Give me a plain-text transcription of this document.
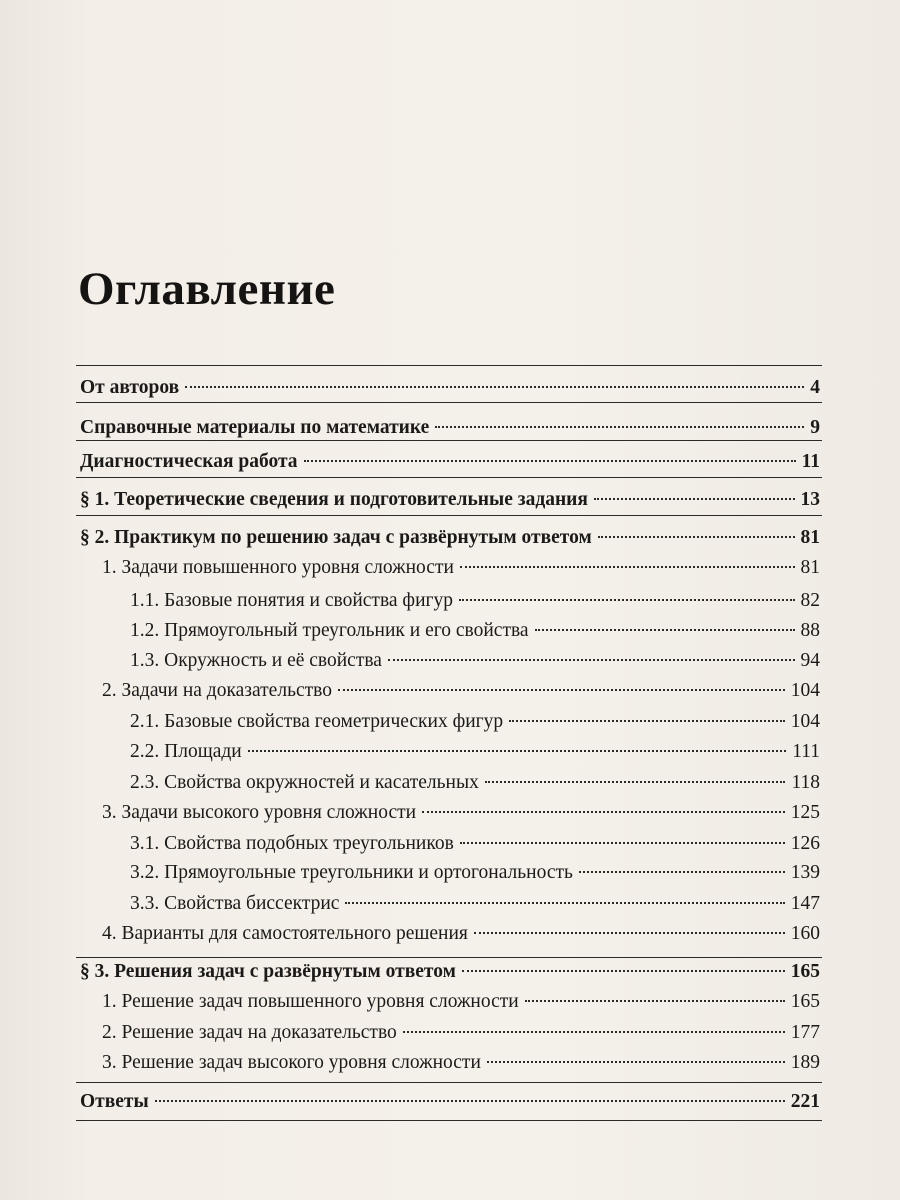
Оглавление
От авторов	4
Справочные материалы по математике	9
Диагностическая работа	11
§ 1. Теоретические сведения и подготовительные задания	13
§ 2. Практикум по решению задач с развёрнутым ответом	81
1. Задачи повышенного уровня сложности	81
1.1. Базовые понятия и свойства фигур	82
1.2. Прямоугольный треугольник и его свойства	88
1.3. Окружность и её свойства	94
2. Задачи на доказательство	104
2.1. Базовые свойства геометрических фигур	104
2.2. Площади	111
2.3. Свойства окружностей и касательных	118
3. Задачи высокого уровня сложности	125
3.1. Свойства подобных треугольников	126
3.2. Прямоугольные треугольники и ортогональность	139
3.3. Свойства биссектрис	147
4. Варианты для самостоятельного решения	160
§ 3. Решения задач с развёрнутым ответом	165
1. Решение задач повышенного уровня сложности	165
2. Решение задач на доказательство	177
3. Решение задач высокого уровня сложности	189
Ответы	221
